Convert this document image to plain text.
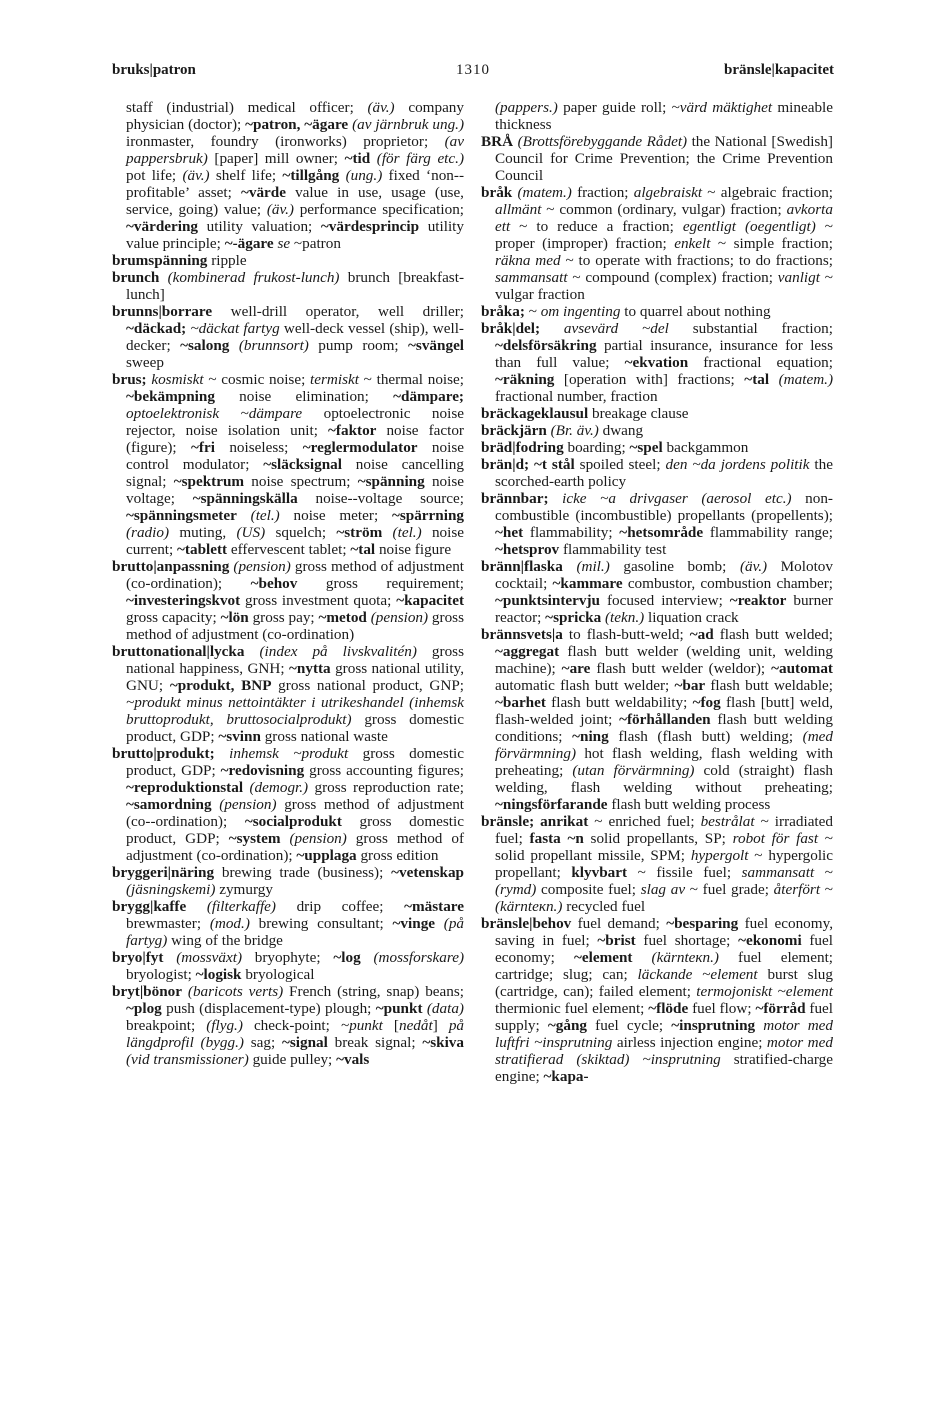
bruks|patron	1310	bränsle|kapacitet

staff (industrial) medical officer; (äv.) company physician (doctor); ~patron, ~ägare (av järnbruk ung.) ironmaster, foundry (ironworks) proprietor; (av pappersbruk) [paper] mill owner; ~tid (för färg etc.) pot life; (äv.) shelf life; ~tillgång (ung.) fixed ‘non--profitable’ asset; ~värde value in use, usage (use, service, going) value; (äv.) performance specification; ~värdering utility valuation; ~värdesprincip utility value principle; ~-ägare se ~patron

brumspänning ripple

brunch (kombinerad frukost-lunch) brunch [breakfast-lunch]

brunns|borrare well-drill operator, well driller; ~däckad; ~däckat fartyg well-deck vessel (ship), well-decker; ~salong (brunnsort) pump room; ~svängel sweep

brus; kosmiskt ~ cosmic noise; termiskt ~ thermal noise; ~bekämpning noise elimination; ~dämpare; optoelektronisk ~dämpare optoelectronic noise rejector, noise isolation unit; ~faktor noise factor (figure); ~fri noiseless; ~reglermodulator noise control modulator; ~släcksignal noise cancelling signal; ~spektrum noise spectrum; ~spänning noise voltage; ~spänningskälla noise--voltage source; ~spänningsmeter (tel.) noise meter; ~spärrning (radio) muting, (US) squelch; ~ström (tel.) noise current; ~tablett effervescent tablet; ~tal noise figure

brutto|anpassning (pension) gross method of adjustment (co-ordination); ~behov gross requirement; ~investeringskvot gross investment quota; ~kapacitet gross capacity; ~lön gross pay; ~metod (pension) gross method of adjustment (co-ordination)

bruttonational|lycka (index på livskvalitén) gross national happiness, GNH; ~nytta gross national utility, GNU; ~produkt, BNP gross national product, GNP; ~produkt minus nettointäkter i utrikeshandel (inhemsk bruttoprodukt, bruttosocialprodukt) gross domestic product, GDP; ~svinn gross national waste

brutto|produkt; inhemsk ~produkt gross domestic product, GDP; ~redovisning gross accounting figures; ~reproduktionstal (demogr.) gross reproduction rate; ~samordning (pension) gross method of adjustment (co--ordination); ~socialprodukt gross domestic product, GDP; ~system (pension) gross method of adjustment (co-ordination); ~upplaga gross edition

bryggeri|näring brewing trade (business); ~vetenskap (jäsningskemi) zymurgy

brygg|kaffe (filterkaffe) drip coffee; ~mästare brewmaster; (mod.) brewing consultant; ~vinge (på fartyg) wing of the bridge

bryo|fyt (mossväxt) bryophyte; ~log (mossforskare) bryologist; ~logisk bryological

bryt|bönor (baricots verts) French (string, snap) beans; ~plog push (displacement-type) plough; ~punkt (data) breakpoint; (flyg.) check-point; ~punkt [nedåt] på längdprofil (bygg.) sag; ~signal break signal; ~skiva (vid transmissioner) guide pulley; ~vals

(pappers.) paper guide roll; ~värd mäktighet mineable thickness

BRÅ (Brottsförebyggande Rådet) the National [Swedish] Council for Crime Prevention; the Crime Prevention Council

bråk (matem.) fraction; algebraiskt ~ algebraic fraction; allmänt ~ common (ordinary, vulgar) fraction; avkorta ett ~ to reduce a fraction; egentligt (oegentligt) ~ proper (improper) fraction; enkelt ~ simple fraction; räkna med ~ to operate with fractions; to do fractions; sammansatt ~ compound (complex) fraction; vanligt ~ vulgar fraction

bråka; ~ om ingenting to quarrel about nothing

bråk|del; avsevärd ~del substantial fraction; ~delsförsäkring partial insurance, insurance for less than full value; ~ekvation fractional equation; ~räkning [operation with] fractions; ~tal (matem.) fractional number, fraction

bräckageklausul breakage clause

bräckjärn (Br. äv.) dwang

bräd|fodring boarding; ~spel backgammon

brän|d; ~t stål spoiled steel; den ~da jordens politik the scorched-earth policy

brännbar; icke ~a drivgaser (aerosol etc.) non-combustible (incombustible) propellants (propellents); ~het flammability; ~hetsområde flammability range; ~hetsprov flammability test

bränn|flaska (mil.) gasoline bomb; (äv.) Molotov cocktail; ~kammare combustor, combustion chamber; ~punktsintervju focused interview; ~reaktor burner reactor; ~spricka (tekn.) liquation crack

brännsvets|a to flash-butt-weld; ~ad flash butt welded; ~aggregat flash butt welder (welding unit, welding machine); ~are flash butt welder (weldor); ~automat automatic flash butt welder; ~bar flash butt weldable; ~barhet flash butt weldability; ~fog flash [butt] weld, flash-welded joint; ~förhållanden flash butt welding conditions; ~ning flash (flash butt) welding; (med förvärmning) hot flash welding, flash welding with preheating; (utan förvärmning) cold (straight) flash welding, flash welding without preheating; ~ningsförfarande flash butt welding process

bränsle; anrikat ~ enriched fuel; bestrålat ~ irradiated fuel; fasta ~n solid propellants, SP; robot för fast ~ solid propellant missile, SPM; hypergolt ~ hypergolic propellant; klyvbart ~ fissile fuel; sammansatt ~ (rymd) composite fuel; slag av ~ fuel grade; återfört ~ (kärnteкn.) recycled fuel

bränsle|behov fuel demand; ~besparing fuel economy, saving in fuel; ~brist fuel shortage; ~ekonomi fuel economy; ~element (kärnteкn.) fuel element; cartridge; slug; can; läckande ~element burst slug (cartridge, can); failed element; termojoniskt ~element thermionic fuel element; ~flöde fuel flow; ~förråd fuel supply; ~gång fuel cycle; ~insprutning motor med luftfri ~insprutning airless injection engine; motor med stratifierad (skiktad) ~insprutning stratified-charge engine; ~kapa-
